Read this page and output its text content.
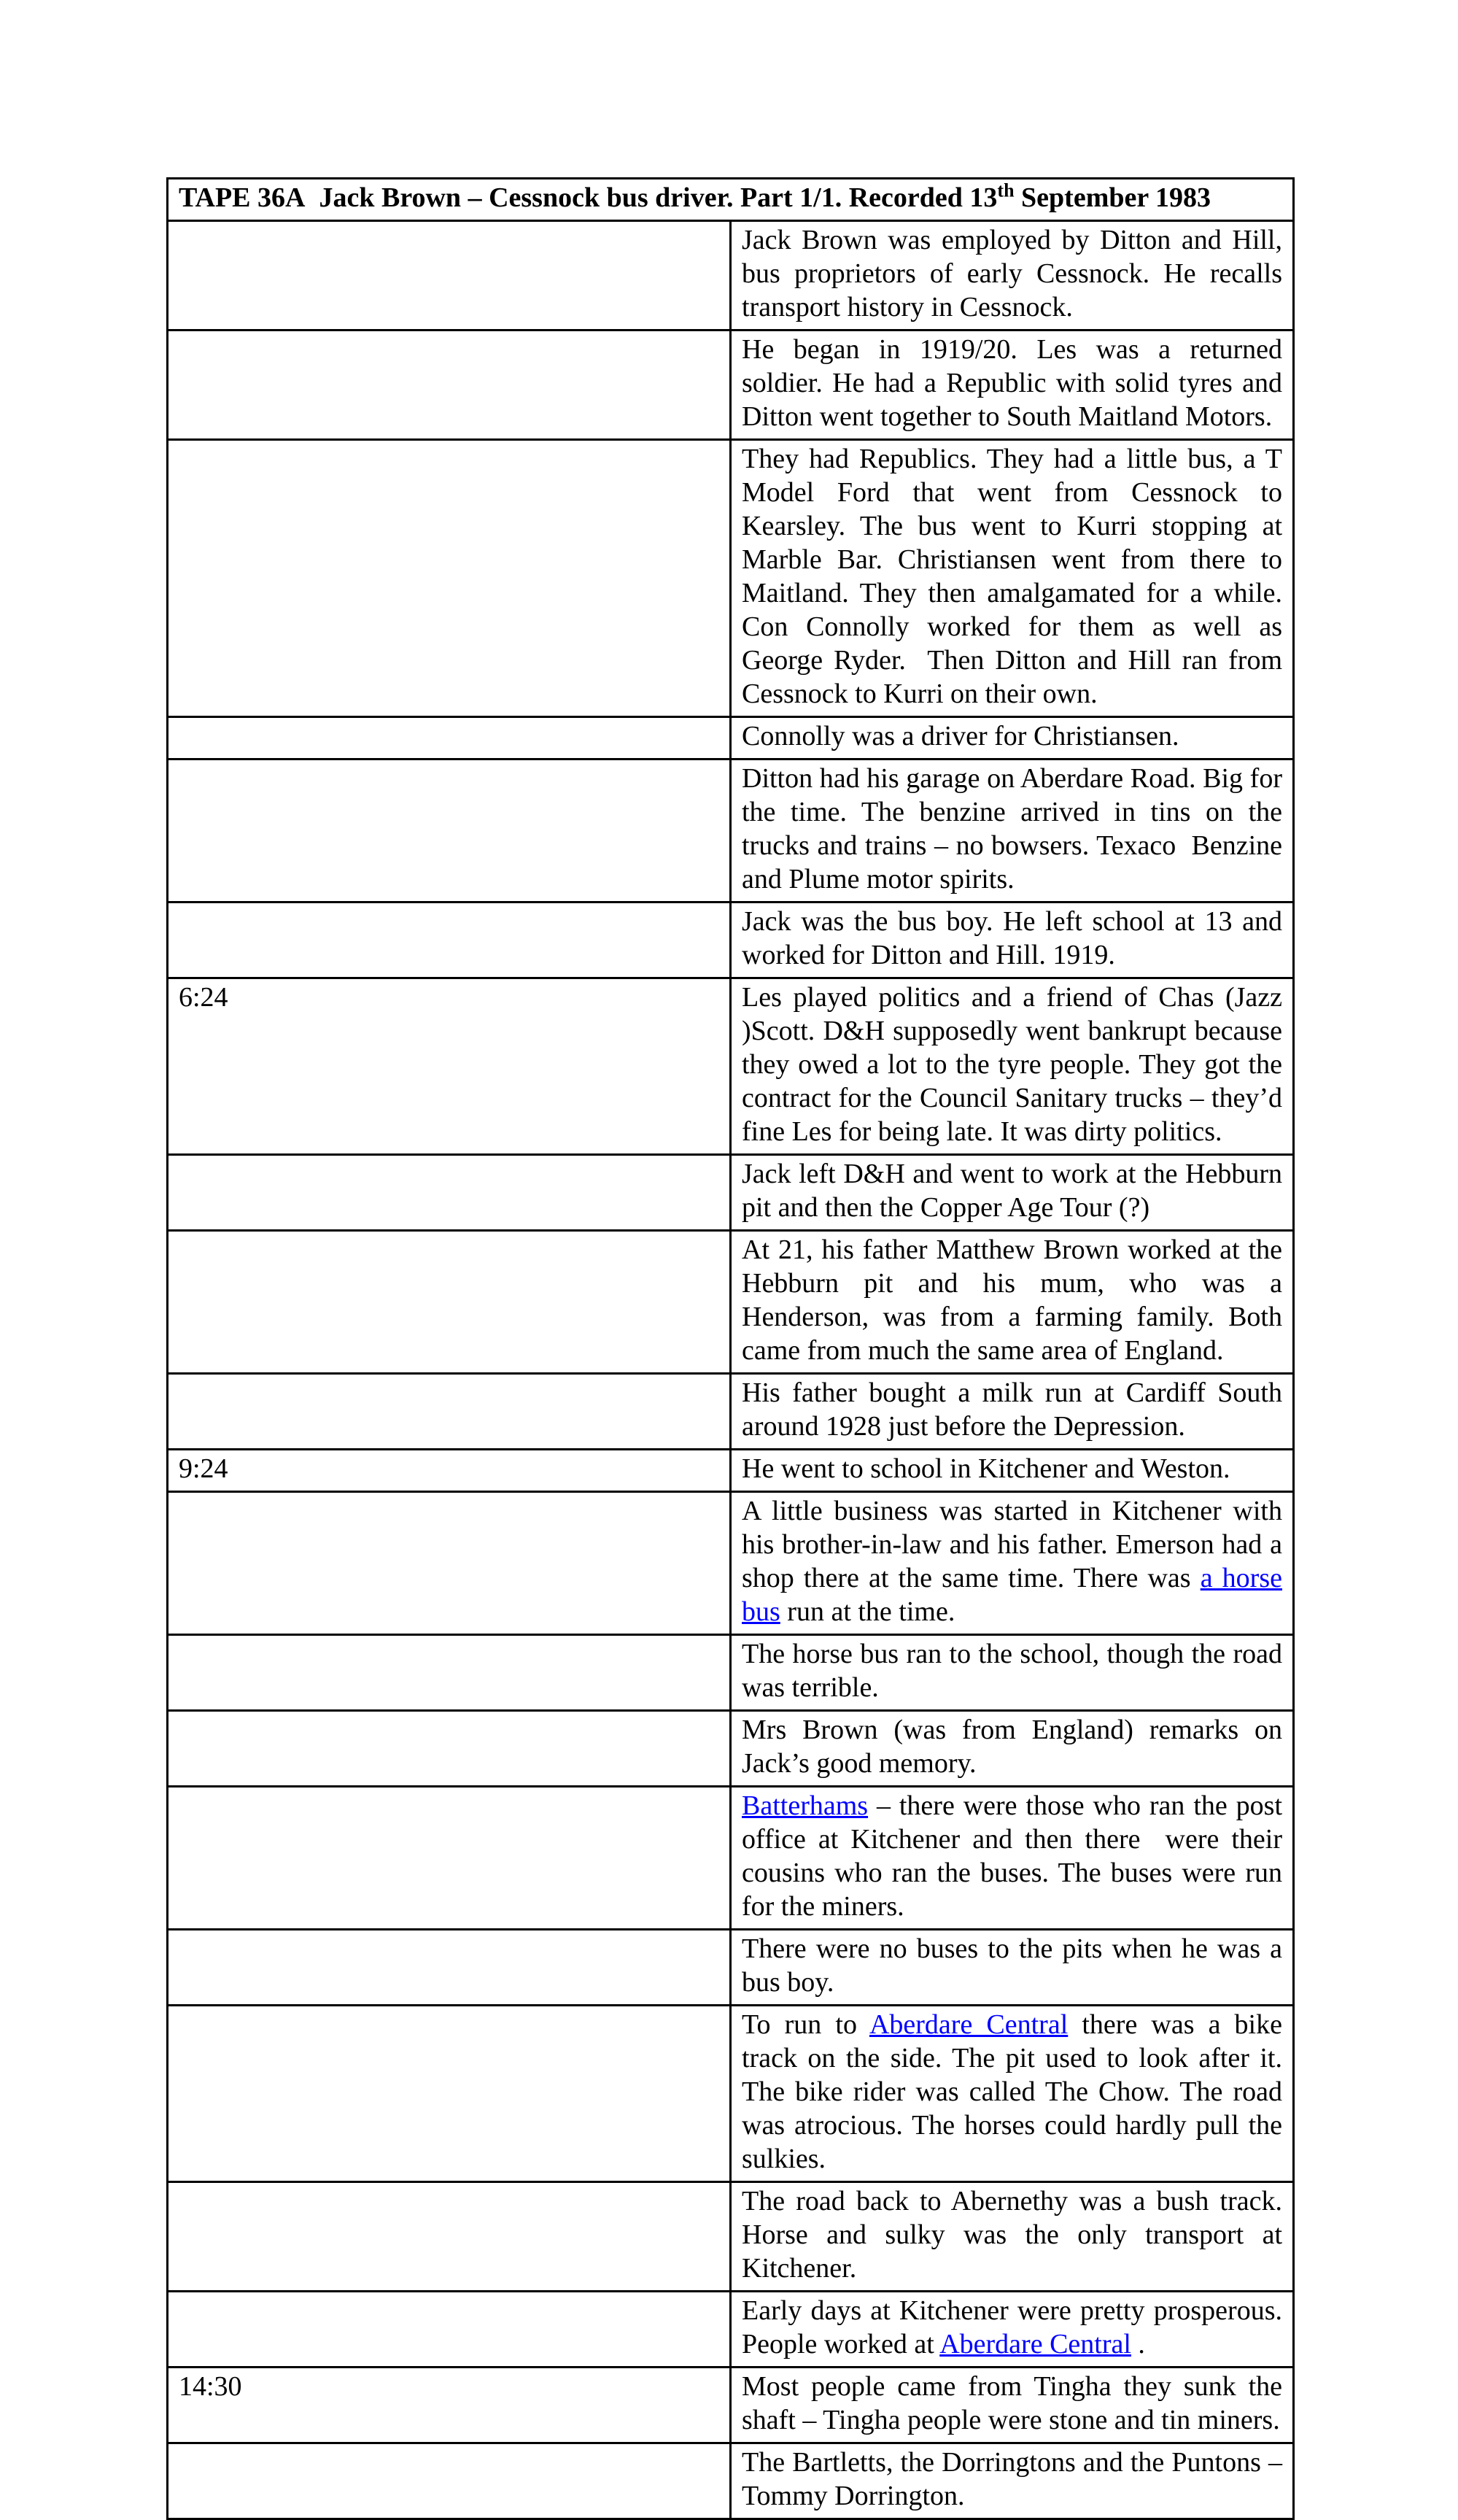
TAPE 36A  Jack Brown – Cessnock bus driver. Part 1/1. Recorded 13th September 1983	

	Jack Brown was employed by Ditton and Hill, bus proprietors of early Cessnock. He recalls transport history in Cessnock.

	He began in 1919/20. Les was a returned soldier. He had a Republic with solid tyres and Ditton went together to South Maitland Motors.

	They had Republics. They had a little bus, a T Model Ford that went from Cessnock to Kearsley. The bus went to Kurri stopping at Marble Bar. Christiansen went from there to Maitland. They then amalgamated for a while. Con Connolly worked for them as well as George Ryder.  Then Ditton and Hill ran from Cessnock to Kurri on their own.

	Connolly was a driver for Christiansen.

	Ditton had his garage on Aberdare Road. Big for the time. The benzine arrived in tins on the trucks and trains – no bowsers. Texaco  Benzine and Plume motor spirits.

	Jack was the bus boy. He left school at 13 and worked for Ditton and Hill. 1919.

6:24	Les played politics and a friend of Chas (Jazz )Scott. D&H supposedly went bankrupt because they owed a lot to the tyre people. They got the contract for the Council Sanitary trucks – they’d fine Les for being late. It was dirty politics.

	Jack left D&H and went to work at the Hebburn pit and then the Copper Age Tour (?)

	At 21, his father Matthew Brown worked at the Hebburn pit and his mum, who was a Henderson, was from a farming family. Both came from much the same area of England.

	His father bought a milk run at Cardiff South around 1928 just before the Depression.

9:24	He went to school in Kitchener and Weston.

	A little business was started in Kitchener with his brother-in-law and his father. Emerson had a shop there at the same time. There was a horse bus run at the time.

	The horse bus ran to the school, though the road was terrible.

	Mrs Brown (was from England) remarks on Jack’s good memory.

	Batterhams – there were those who ran the post office at Kitchener and then there  were their cousins who ran the buses. The buses were run for the miners.

	There were no buses to the pits when he was a bus boy.

	To run to Aberdare Central there was a bike track on the side. The pit used to look after it. The bike rider was called The Chow. The road was atrocious. The horses could hardly pull the sulkies.

	The road back to Abernethy was a bush track. Horse and sulky was the only transport at Kitchener.

	Early days at Kitchener were pretty prosperous. People worked at Aberdare Central .

14:30	Most people came from Tingha they sunk the shaft – Tingha people were stone and tin miners.

	The Bartletts, the Dorringtons and the Puntons – Tommy Dorrington.
